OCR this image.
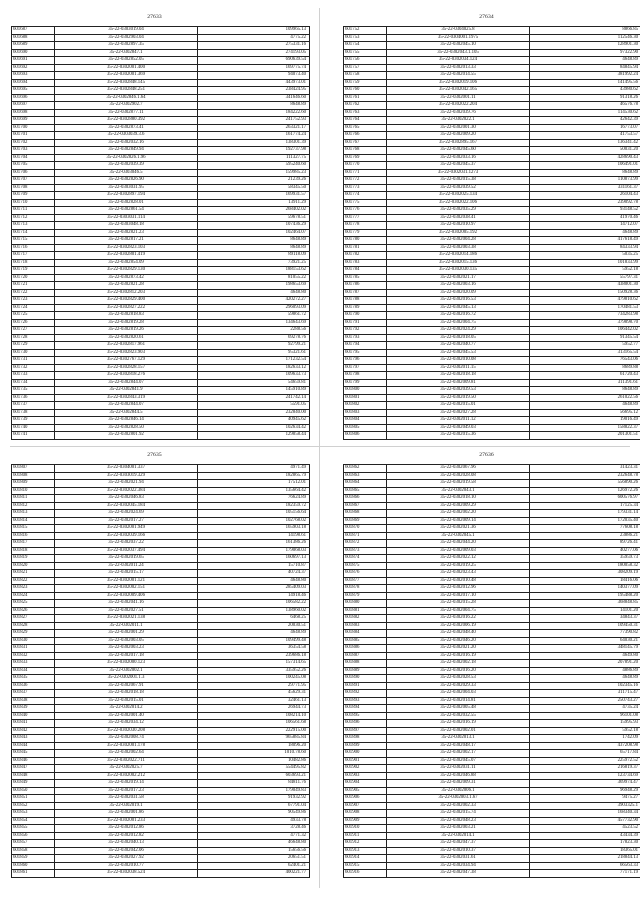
27633
601687	35-22-0303019.04	109965.13
601688	35-22-0302903.04	4775.22
601689	35-22-0302897.35	275331.16
601690	35-22-0302847.1	274193.05
601691	35-22-0302852.05	690639.54
601692	35-22-0302001.400	169775.74
601693	35-22-0302001.369	94073.40
601694	35-22-0302848.145	443973.01
601695	35-22-0302848.251	238424.95
601696	35-22-0302846.1.64	341646.60
601697	35-22-0302902.7	8648.89
601698	35-22-0302877.11	184222.60
601699	35-22-0302880.392	241752.93
601700	35-22-0302873.41	263321.17
601701	35-22-0303039.3.6	161774.24
601702	35-22-0302032.16	138301.39
601703	35-22-0302849.94	192737.98
601704	35-22-0302826.1.96	111327.75
601705	35-22-0302039.39	595240.60
601706	35-22-0303046.5	159985.23
601707	35-22-0302826.90	21239.26
601708	35-22-0303031.95	58345.50
601709	35-22-0302897.194	169931.57
601710	35-22-0302828.01	13911.29
601711	35-22-0302861.54	268402.02
601712	35-22-0303031.114	59678.51
601713	35-22-0303048.18	107436.29
601714	35-22-0302821.23	102464.07
601715	35-22-0302817.21	8648.89
601716	35-22-0302823.103	8648.89
601717	35-22-0302801.419	89118.09
601718	35-22-0302854.09	73921.25
601719	35-22-0302829.130	188153.62
601720	35-22-0302873.42	81055.22
601721	35-22-0302821.28	198653.69
601722	35-22-0302812.203	4648.80
601723	35-22-0302829.400	420272.27
601724	35-22-0302827.222	296093.09
601725	35-22-0302818.83	59861.72
601726	35-22-0302819.28	134643.69
601727	35-22-0302819.26	2288.56
601728	35-22-0302820.61	69278.76
601729	35-22-0302817.961	92799.21
601730	35-22-0302823.903	95321.61
601731	35-22-0302767.129	171232.54
601732	35-22-0302828.157	182633.12
601733	35-22-0302818.276	109633.73
601734	35-22-0302844.07	54659.81
601735	35-22-0302841.9	145910.89
601736	35-22-0302843.319	241742.14
601737	35-22-0302844.07	5591.05
601738	35-22-0302844.5	232840.00
601739	35-22-0302846.14	40945.62
601740	35-22-0302828.50	102634.42
601741	35-22-0302801.92	129858.44
27634
601752	35-22-0304025.8	8866.85
601753	35-22-0304001.1975	112546.30
601754	35-22-0302045.10	128901.30
601755	35-22-0302043.1.105	97322.90
601756	35-22-0302034.124	4648.89
601757	35-22-0302013.33	84845.94
601758	35-22-0302014.55	381992.24
601759	35-22-0302019.106	141495.56
601760	35-22-0302042.165	43980.62
601761	35-22-0302001.11	91318.26
601762	35-22-0302022.204	46576.78
601763	35-22-0302039.76	114530.62
601764	35-22-0302022.1	42642.39
601765	35-22-0302001.30	16773.07
601766	35-22-0302009.20	41753.57
601767	35-22-0302895.167	136341.42
601768	35-22-0302045.60	50031.20
601769	35-22-0302033.16	428690.43
601770	35-22-0302045.37	106491.01
601771	35-22-0302031.1273	8648.89
601772	35-22-0302015.38	110873.99
601773	35-22-0302039.52	331161.37
601774	35-22-0302025.134	26104.43
601775	35-22-0302022.106	239092.78
601776	35-22-0302035.29	93148.52
601777	35-22-0302038.41	41970.46
601778	35-22-0302010.97	14712.07
601779	35-22-0302005.192	4648.89
601780	35-22-0302004.28	417618.49
601781	35-22-0302003.38	84333.94
601782	35-22-0302014.186	5035.25
601783	35-22-0302015.136	101833.99
601784	35-22-0302030.135	5952.18
601785	35-22-0302021.17	55797.31
601786	35-22-0302003.16	438001.30
601787	35-22-0302020.09	150928.36
601788	35-22-0302016.53	479810.62
601789	35-22-0302045.13	170481.53
601790	35-22-0302016.72	734283.98
601791	35-22-0302004.75	379898.70
601792	35-22-0302024.29	106442.02
601793	35-22-0302018.05	91345.54
601794	35-22-0302040.77	5952.77
601795	35-22-0302045.53	313165.54
601796	35-22-0302010.08	76543.06
601797	35-22-0302011.15	8689.88
601798	35-22-0302018.18	61720.43
601799	35-22-0302009.81	311391.61
601800	35-22-0302039.53	8648.89
601801	35-22-0302019.50	261022.56
601802	35-22-0302015.01	4648.89
601803	35-22-0302027.28	56695.12
601804	35-22-0302011.12	19016.49
601805	35-22-0302049.03	158822.37
601806	35-22-0302015.36	201301.51
27635
601807	35-22-0304001.337	4971.49
601808	35-22-0303019.329	182865.79
601809	35-22-0302021.94	17512.01
601810	35-22-0302022.384	135664.42
601811	35-22-0302046.83	76624.89
601812	35-22-0302045.184	182359.72
601813	35-22-0302024.69	105156.64
601814	35-22-0302017.27	102768.02
601815	35-22-0302001.949	165903.18
601816	35-22-0302039.166	14198.61
601817	35-22-0302037.22	161386.26
601818	35-22-0302037.494	179068.03
601819	35-22-0302019.65	160697.13
601820	35-22-0302011.24	15710.87
601821	35-22-0302015.17	40724.37
601822	35-22-0302001.121	4648.80
601823	35-22-0302002.151	285409.03
601824	35-22-0302009.406	14918.46
601825	35-22-0302041.16	106582.22
601826	35-22-0302027.51	138960.02
601827	35-22-0302021.138	6468.25
601828	35-22-0302011.1	20030.51
601829	35-22-0302001.29	4648.89
601830	35-22-0302003.05	109499.48
601831	35-22-0302003.23	36354.58
601832	35-22-0302017.18	239686.18
601833	35-22-0302000.123	157314.65
601834	35-22-0302002.1	335952.26
601835	35-22-0302001.1.3	100245.08
601836	35-22-0302067.91	29771.95
601837	35-22-0302018.18	45629.31
601838	35-22-0302015.01	32461.13
601839	35-22-0302014.2	26944.73
601840	35-22-0302001.40	108214.10
601841	35-22-0302034.12	106561.68
601842	35-22-0302030.208	222915.00
601843	35-22-0302008.74	965885.84
601844	35-22-0302001.178	18096.20
601845	35-22-0302002.64	1010.78.60
601846	35-22-0302022.711	10482.86
601847	35-22-0302025.7	554495.82
601848	35-22-0302002.212	603693.21
601849	35-22-0302019.14	84811.76
601850	35-22-0302017.23	179049.83
601851	35-22-0302031.58	91932.92
601852	35-22-0302019.1	67791.04
601853	35-22-0302001.86	90549.86
601854	35-22-0302001.233	4933.78
601855	35-22-0302012.86	3728.46
601856	35-22-0302012.82	4771.32
601857	35-22-0302040.13	46648.80
601858	35-22-0302042.06	15656.56
601859	35-22-0302027.92	20651.51
601860	35-22-0302010.77	62401.21
601861	35-22-0302038.524	400221.77
27636
601862	35-22-0302067.96	31423.31
601863	35-22-0302028.08	232648.78
601864	35-22-0302019.58	556890.26
601865	35-22-0302043.1	126972.26
601866	35-22-0302018.10	600576.97
601867	35-22-0302009.29	17125.34
601868	35-22-0302002.20	179331.14
601869	35-22-0302009.14	172035.40
601870	35-22-0302021.36	77608.18
601871	35-22-0302045.1	23886.21
601872	35-22-0302044.20	89726.41
601873	35-22-0302009.03	40277.06
601874	35-22-0302022.12	35959.73
601875	35-22-0302019.25	180058.32
601876	35-22-0302023.43	308209.19
601877	35-22-0302010.48	18416.06
601878	35-22-0302012.96	140377.09
601879	35-22-0302017.10	195488.20
601880	35-22-0302015.28	368848.85
601881	35-22-0302004.75	14101.20
601882	35-22-0302016.22	34843.37
601883	35-22-0302006.19	109450.31
601884	35-22-0302048.40	77390.82
601885	35-22-0302046.20	64030.21
601886	35-22-0302021.20	348145.79
601887	35-22-0302016.19	4649.80
601888	35-22-0302002.18	207891.20
601889	35-22-0302016.20	4886.89
601890	35-22-0302028.53	4648.89
601891	35-22-0302029.33	102345.16
601892	35-22-0302004.03	311715.47
601893	35-22-0302014.81	250743.27
601894	35-22-0302005.48	4735.24
601895	35-22-0302032.55	96101.08
601896	35-22-0302016.19	15995.93
601897	35-22-0302002.01	5952.18
601898	35-22-0302013.1	1742.09
601899	35-22-0302048.17	437208.98
601900	35-22-0302002.17	65717.84
601901	35-22-0302045.07	225972.52
601902	35-22-0302031.11	216819.37
601903	35-22-0302046.88	123734.69
601904	35-22-0302009.31	369974.47
601905	35-22-0302006.1	96948.29
601906	35-22-0302003.1.67	9475.27
601907	35-22-0302002.33	3903325.1
601908	35-22-0302015.74	168340.34
601909	35-22-0302048.23	457732.90
601910	35-22-0302003.21	4523.52
601911	35-22-0302014.1	43434.39
601912	35-22-0302047.37	17823.30
601913	35-22-0302010.37	18365.01
601914	35-22-0302031.61	218844.13
601915	35-22-0302034.94	66563.33
601916	35-22-0302047.38	77171.19
